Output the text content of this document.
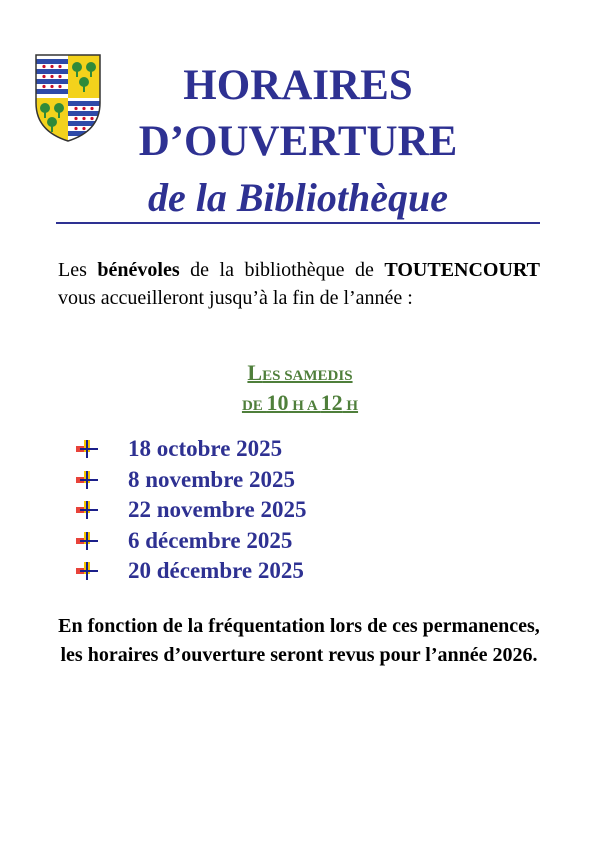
HORAIRES
D’OUVERTURE
de la Bibliothèque
Les bénévoles de la bibliothèque de TOUTENCOURT vous accueilleront jusqu’à la fin de l’année :
LES SAMEDIS
DE 10 H A 12 H
18 octobre 2025
8 novembre 2025
22 novembre 2025
6 décembre 2025
20 décembre 2025
En fonction de la fréquentation lors de ces permanences, les horaires d’ouverture seront revus pour l’année 2026.
